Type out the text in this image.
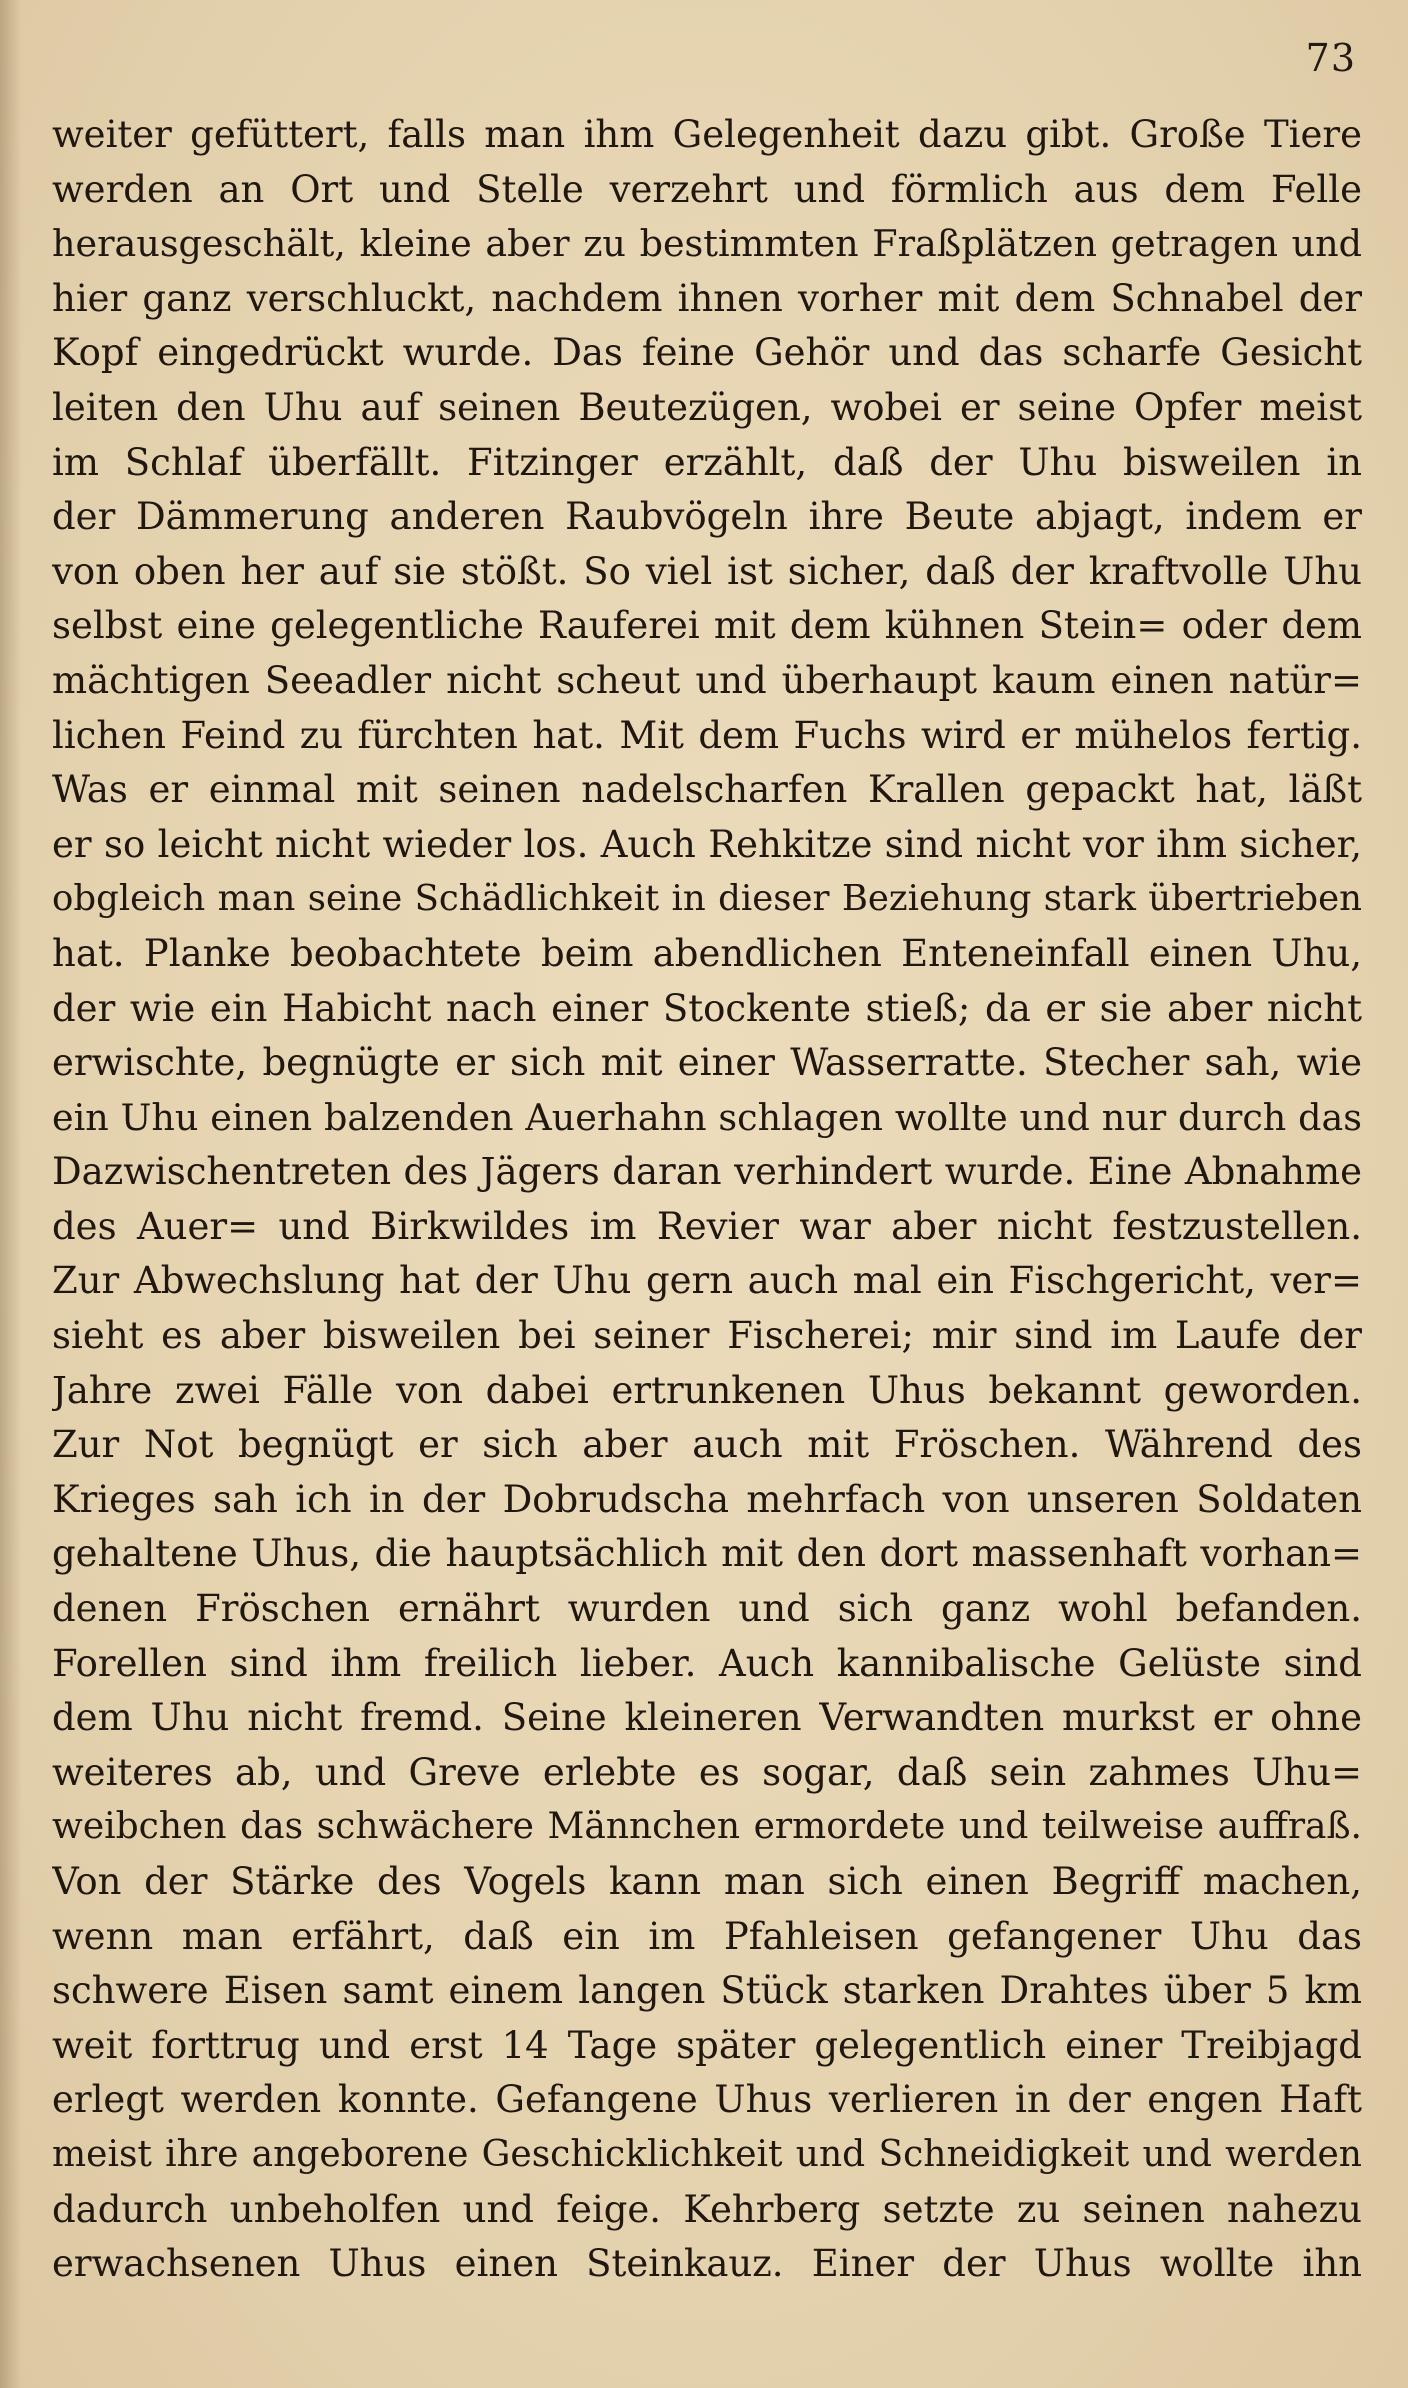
73
weiter gefüttert, falls man ihm Gelegenheit dazu gibt. Große Tiere
werden an Ort und Stelle verzehrt und förmlich aus dem Felle
herausgeschält, kleine aber zu bestimmten Fraßplätzen getragen und
hier ganz verschluckt, nachdem ihnen vorher mit dem Schnabel der
Kopf eingedrückt wurde. Das feine Gehör und das scharfe Gesicht
leiten den Uhu auf seinen Beutezügen, wobei er seine Opfer meist
im Schlaf überfällt. Fitzinger erzählt, daß der Uhu bisweilen in
der Dämmerung anderen Raubvögeln ihre Beute abjagt, indem er
von oben her auf sie stößt. So viel ist sicher, daß der kraftvolle Uhu
selbst eine gelegentliche Rauferei mit dem kühnen Stein= oder dem
mächtigen Seeadler nicht scheut und überhaupt kaum einen natür=
lichen Feind zu fürchten hat. Mit dem Fuchs wird er mühelos fertig.
Was er einmal mit seinen nadelscharfen Krallen gepackt hat, läßt
er so leicht nicht wieder los. Auch Rehkitze sind nicht vor ihm sicher,
obgleich man seine Schädlichkeit in dieser Beziehung stark übertrieben
hat. Planke beobachtete beim abendlichen Enteneinfall einen Uhu,
der wie ein Habicht nach einer Stockente stieß; da er sie aber nicht
erwischte, begnügte er sich mit einer Wasserratte. Stecher sah, wie
ein Uhu einen balzenden Auerhahn schlagen wollte und nur durch das
Dazwischentreten des Jägers daran verhindert wurde. Eine Abnahme
des Auer= und Birkwildes im Revier war aber nicht festzustellen.
Zur Abwechslung hat der Uhu gern auch mal ein Fischgericht, ver=
sieht es aber bisweilen bei seiner Fischerei; mir sind im Laufe der
Jahre zwei Fälle von dabei ertrunkenen Uhus bekannt geworden.
Zur Not begnügt er sich aber auch mit Fröschen. Während des
Krieges sah ich in der Dobrudscha mehrfach von unseren Soldaten
gehaltene Uhus, die hauptsächlich mit den dort massenhaft vorhan=
denen Fröschen ernährt wurden und sich ganz wohl befanden.
Forellen sind ihm freilich lieber. Auch kannibalische Gelüste sind
dem Uhu nicht fremd. Seine kleineren Verwandten murkst er ohne
weiteres ab, und Greve erlebte es sogar, daß sein zahmes Uhu=
weibchen das schwächere Männchen ermordete und teilweise auffraß.
Von der Stärke des Vogels kann man sich einen Begriff machen,
wenn man erfährt, daß ein im Pfahleisen gefangener Uhu das
schwere Eisen samt einem langen Stück starken Drahtes über 5 km
weit forttrug und erst 14 Tage später gelegentlich einer Treibjagd
erlegt werden konnte. Gefangene Uhus verlieren in der engen Haft
meist ihre angeborene Geschicklichkeit und Schneidigkeit und werden
dadurch unbeholfen und feige. Kehrberg setzte zu seinen nahezu
erwachsenen Uhus einen Steinkauz. Einer der Uhus wollte ihn
